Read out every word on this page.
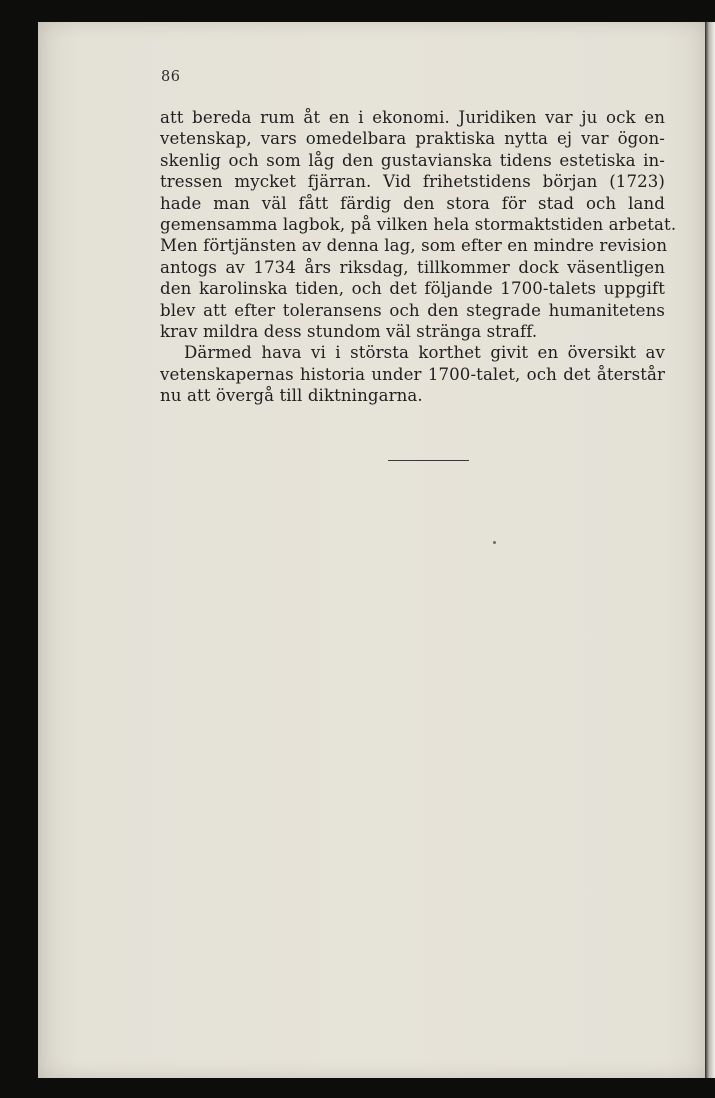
86

att bereda rum åt en i ekonomi. Juridiken var ju ock en

vetenskap, vars omedelbara praktiska nytta ej var ögon-

skenlig och som låg den gustavianska tidens estetiska in-

tressen mycket fjärran. Vid frihetstidens början (1723)

hade man väl fått färdig den stora för stad och land

gemensamma lagbok, på vilken hela stormaktstiden arbetat.

Men förtjänsten av denna lag, som efter en mindre revision

antogs av 1734 års riksdag, tillkommer dock väsentligen

den karolinska tiden, och det följande 1700-talets uppgift

blev att efter toleransens och den stegrade humanitetens

krav mildra dess stundom väl stränga straff.

Därmed hava vi i största korthet givit en översikt av

vetenskapernas historia under 1700-talet, och det återstår

nu att övergå till diktningarna.
